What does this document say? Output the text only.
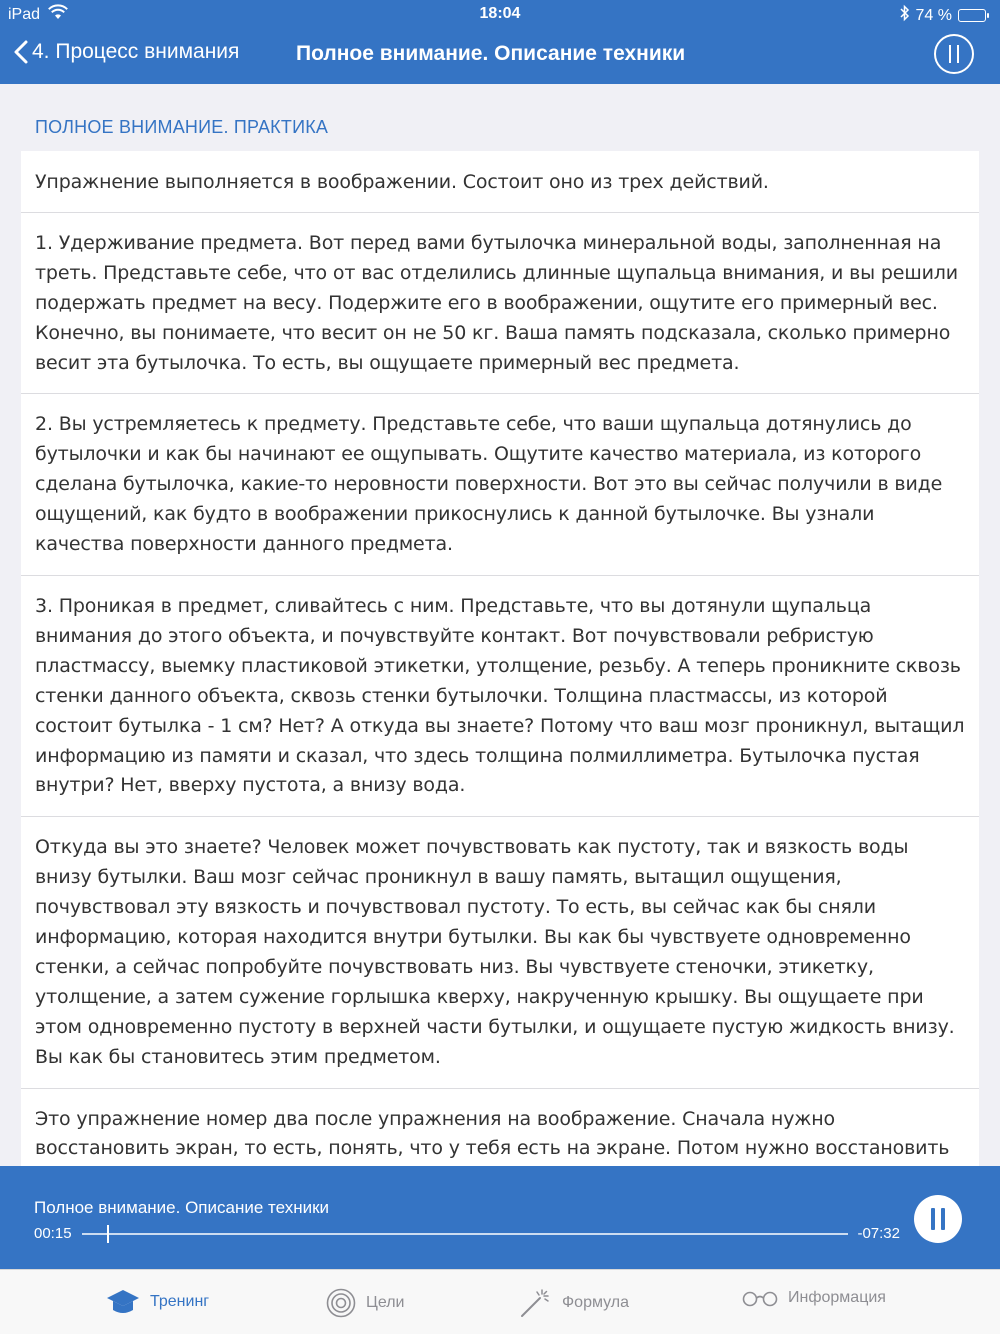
iPad	18:04	74 %
4. Процесс внимания	Полное внимание. Описание техники
ПОЛНОЕ ВНИМАНИЕ. ПРАКТИКА
Упражнение выполняется в воображении. Состоит оно из трех действий.
1. Удерживание предмета. Вот перед вами бутылочка минеральной воды, заполненная на треть. Представьте себе, что от вас отделились длинные щупальца внимания, и вы решили подержать предмет на весу. Подержите его в воображении, ощутите его примерный вес. Конечно, вы понимаете, что весит он не 50 кг. Ваша память подсказала, сколько примерно весит эта бутылочка. То есть, вы ощущаете примерный вес предмета.
2. Вы устремляетесь к предмету. Представьте себе, что ваши щупальца дотянулись до бутылочки и как бы начинают ее ощупывать. Ощутите качество материала, из которого сделана бутылочка, какие-то неровности поверхности. Вот это вы сейчас получили в виде ощущений, как будто в воображении прикоснулись к данной бутылочке. Вы узнали качества поверхности данного предмета.
3. Проникая в предмет, сливайтесь с ним. Представьте, что вы дотянули щупальца внимания до этого объекта, и почувствуйте контакт. Вот почувствовали ребристую пластмассу, выемку пластиковой этикетки, утолщение, резьбу. А теперь проникните сквозь стенки данного объекта, сквозь стенки бутылочки. Толщина пластмассы, из которой состоит бутылка - 1 см? Нет? А откуда вы знаете? Потому что ваш мозг проникнул, вытащил информацию из памяти и сказал, что здесь толщина полмиллиметра. Бутылочка пустая внутри? Нет, вверху пустота, а внизу вода.
Откуда вы это знаете? Человек может почувствовать как пустоту, так и вязкость воды внизу бутылки. Ваш мозг сейчас проникнул в вашу память, вытащил ощущения, почувствовал эту вязкость и почувствовал пустоту. То есть, вы сейчас как бы сняли информацию, которая находится внутри бутылки. Вы как бы чувствуете одновременно стенки, а сейчас попробуйте почувствовать низ. Вы чувствуете стеночки, этикетку, утолщение, а затем сужение горлышка кверху, накрученную крышку. Вы ощущаете при этом одновременно пустоту в верхней части бутылки, и ощущаете пустую жидкость внизу. Вы как бы становитесь этим предметом.
Это упражнение номер два после упражнения на воображение. Сначала нужно восстановить экран, то есть, понять, что у тебя есть на экране. Потом нужно восстановить
Полное внимание. Описание техники
00:15	-07:32
Тренинг	Цели	Формула	Информация
